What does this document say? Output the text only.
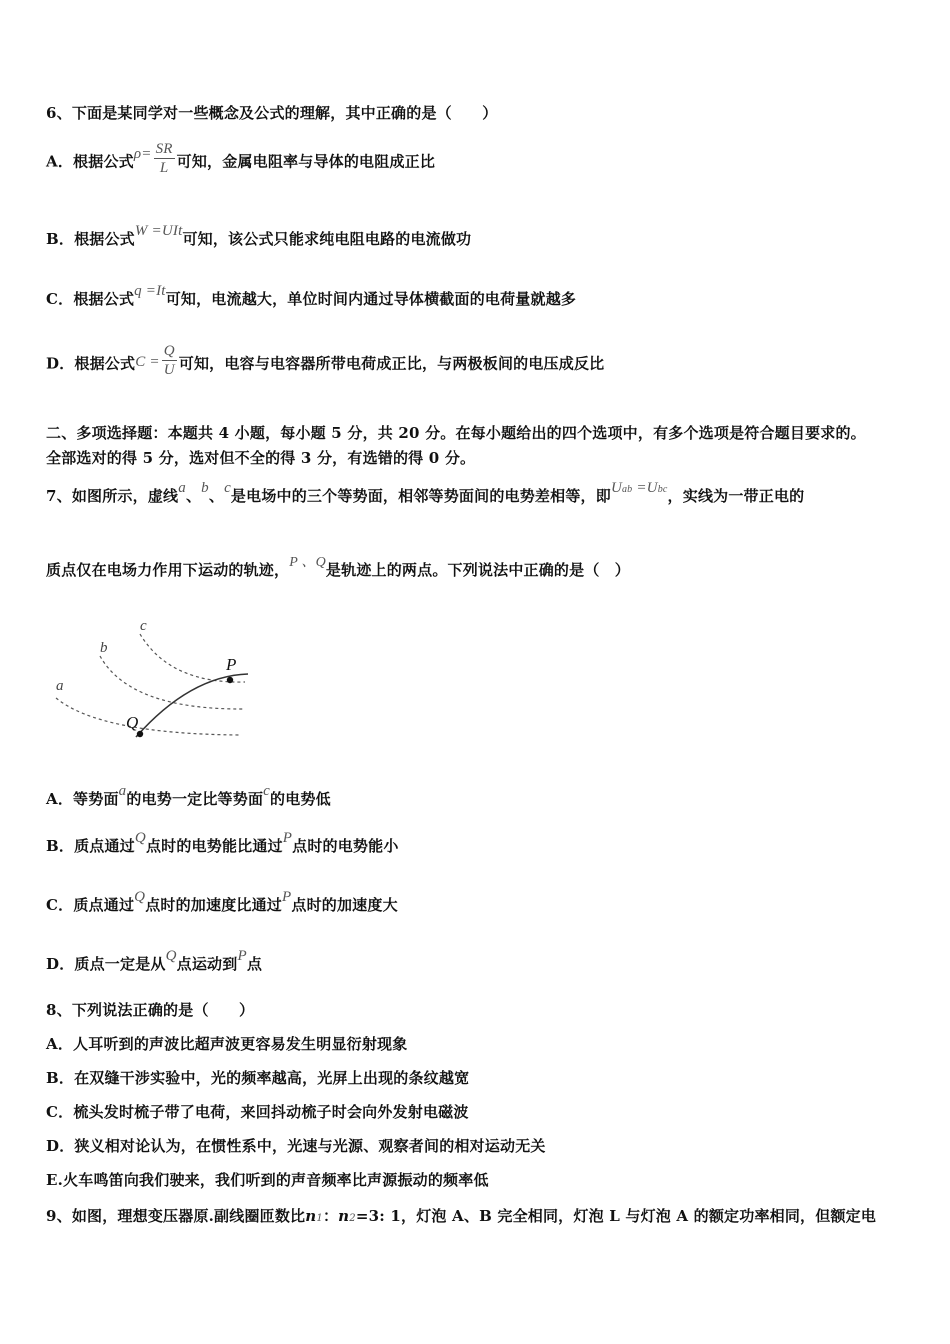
6、下面是某同学对一些概念及公式的理解，其中正确的是（　　）
A．根据公式$\rho= \frac{SR}{L}$ 可知，金属电阻率与导体的电阻成正比
B．根据公式W =UIt可知，该公式只能求纯电阻电路的电流做功
C．根据公式q =It可知，电流越大，单位时间内通过导体横截面的电荷量就越多
D．根据公式$C = \frac{Q}{U}$ 可知，电容与电容器所带电荷成正比，与两极板间的电压成反比
二、多项选择题：本题共 4 小题，每小题 5 分，共 20 分。在每小题给出的四个选项中，有多个选项是符合题目要求的。
全部选对的得 5 分，选对但不全的得 3 分，有选错的得 0 分。
7、如图所示，虚线a、b、c是电场中的三个等势面，相邻等势面间的电势差相等，即Uab =Ubc，实线为一带正电的
质点仅在电场力作用下运动的轨迹，P 、Q是轨迹上的两点。下列说法中正确的是（　）
a
b
c
P
Q
A．等势面a的电势一定比等势面c的电势低
B．质点通过Q点时的电势能比通过P点时的电势能小
C．质点通过Q点时的加速度比通过P点时的加速度大
D．质点一定是从Q点运动到P点
8、下列说法正确的是（　　）
A．人耳听到的声波比超声波更容易发生明显衍射现象
B．在双缝干涉实验中，光的频率越高，光屏上出现的条纹越宽
C．梳头发时梳子带了电荷，来回抖动梳子时会向外发射电磁波
D．狭义相对论认为，在惯性系中，光速与光源、观察者间的相对运动无关
E.火车鸣笛向我们驶来，我们听到的声音频率比声源振动的频率低
9、如图，理想变压器原.副线圈匝数比n1：n2=3: 1，灯泡 A、B 完全相同，灯泡 L 与灯泡 A 的额定功率相同，但额定电
